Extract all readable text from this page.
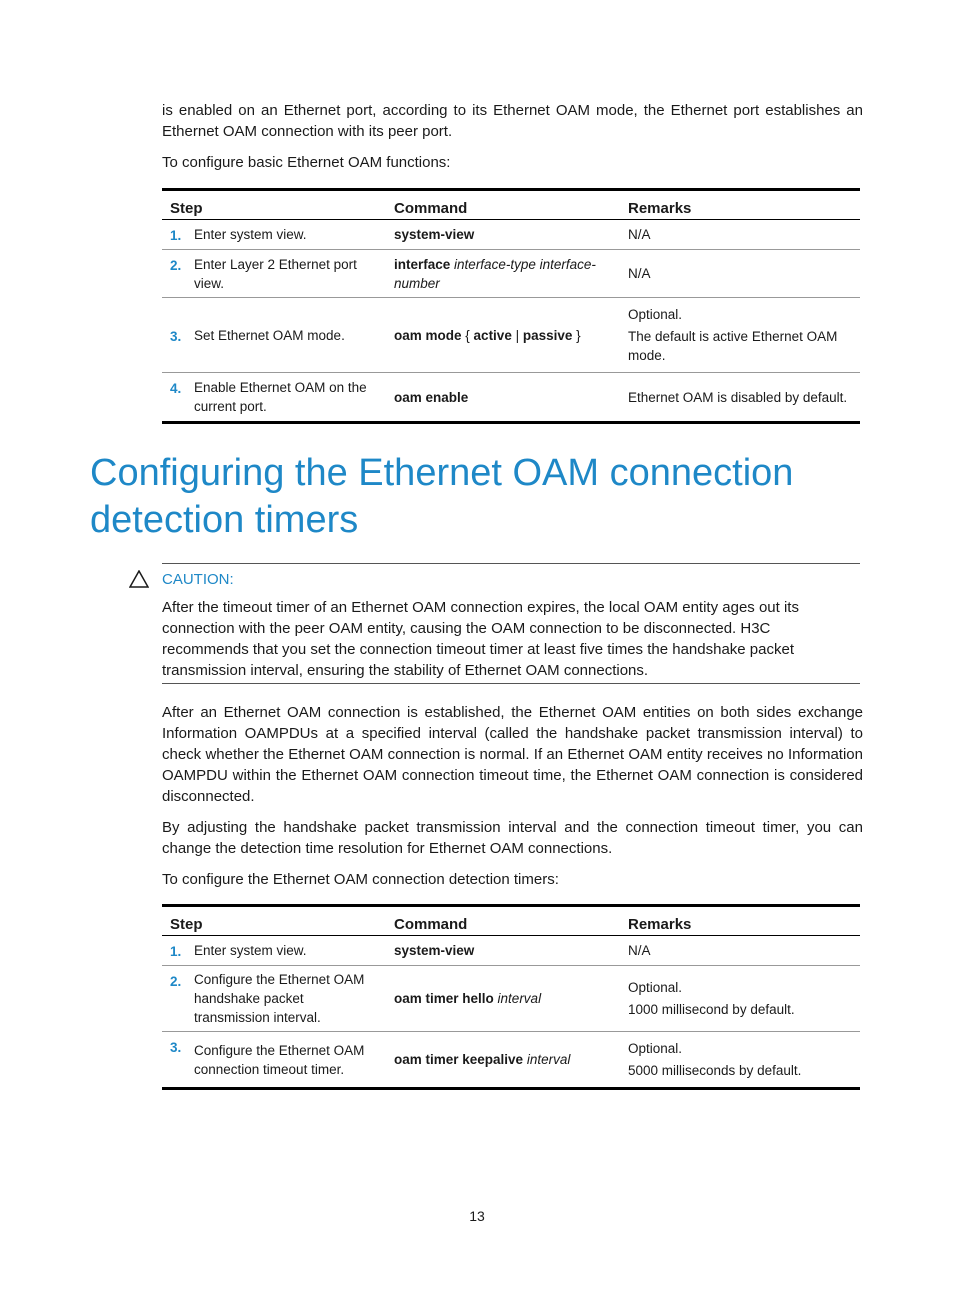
is enabled on an Ethernet port, according to its Ethernet OAM mode, the Ethernet port establishes an Ethernet OAM connection with its peer port.

To configure basic Ethernet OAM functions:

Step		Command	Remarks
1.	Enter system view.	system-view	N/A
2.	Enter Layer 2 Ethernet port view.	interface interface-type interface-number	N/A
3.	Set Ethernet OAM mode.	oam mode { active | passive }	Optional.
The default is active Ethernet OAM mode.

4.	Enable Ethernet OAM on the current port.	oam enable	Ethernet OAM is disabled by default.
Configuring the Ethernet OAM connection detection timers
CAUTION:

After the timeout timer of an Ethernet OAM connection expires, the local OAM entity ages out its connection with the peer OAM entity, causing the OAM connection to be disconnected. H3C recommends that you set the connection timeout timer at least five times the handshake packet transmission interval, ensuring the stability of Ethernet OAM connections.

After an Ethernet OAM connection is established, the Ethernet OAM entities on both sides exchange Information OAMPDUs at a specified interval (called the handshake packet transmission interval) to check whether the Ethernet OAM connection is normal. If an Ethernet OAM entity receives no Information OAMPDU within the Ethernet OAM connection timeout time, the Ethernet OAM connection is considered disconnected.

By adjusting the handshake packet transmission interval and the connection timeout timer, you can change the detection time resolution for Ethernet OAM connections.

To configure the Ethernet OAM connection detection timers:

Step		Command	Remarks
1.	Enter system view.	system-view	N/A
2.	Configure the Ethernet OAM handshake packet transmission interval.	oam timer hello interval	Optional.
1000 millisecond by default.

3.	Configure the Ethernet OAM connection timeout timer.	oam timer keepalive interval	Optional.
5000 milliseconds by default.
13
